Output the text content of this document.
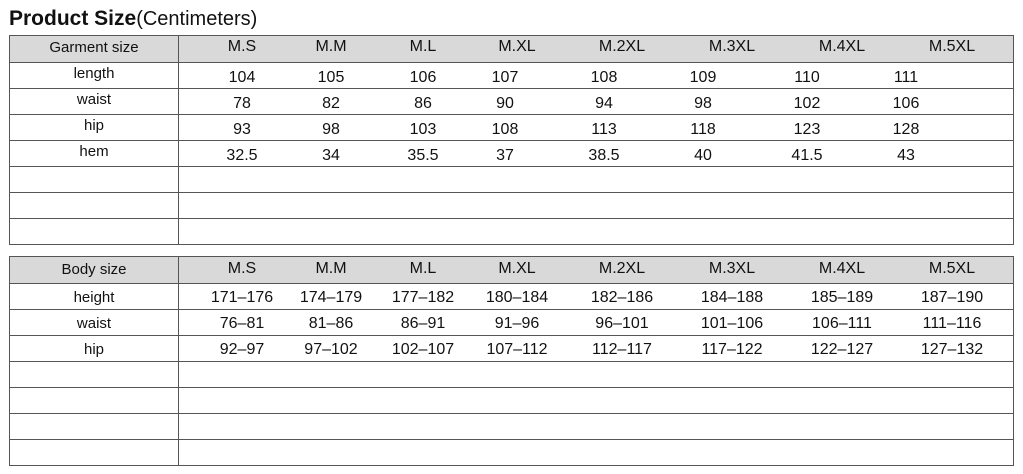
Product Size(Centimeters)
Garment size	M.S	M.M	M.L	M.XL	M.2XL	M.3XL	M.4XL	M.5XL
length	104	105	106	107	108	109	110	111
waist	78	82	86	90	94	98	102	106
hip	93	98	103	108	113	118	123	128
hem	32.5	34	35.5	37	38.5	40	41.5	43
Body size	M.S	M.M	M.L	M.XL	M.2XL	M.3XL	M.4XL	M.5XL
height	171–176	174–179	177–182	180–184	182–186	184–188	185–189	187–190
waist	76–81	81–86	86–91	91–96	96–101	101–106	106–111	111–116
hip	92–97	97–102	102–107	107–112	112–117	117–122	122–127	127–132
